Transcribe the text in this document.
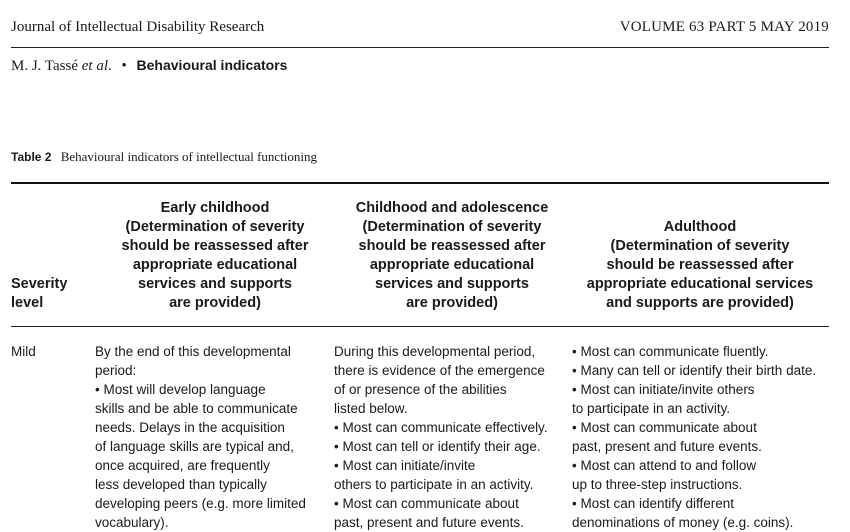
Journal of Intellectual Disability Research	VOLUME 63 PART 5 MAY 2019
M. J. Tassé et al. • Behavioural indicators
Table 2 Behavioural indicators of intellectual functioning
Severity
level
Early childhood
(Determination of severity
should be reassessed after
appropriate educational
services and supports
are provided)
Childhood and adolescence
(Determination of severity
should be reassessed after
appropriate educational
services and supports
are provided)
Adulthood
(Determination of severity
should be reassessed after
appropriate educational services
and supports are provided)
Mild	By the end of this developmental
period:
• Most will develop language
skills and be able to communicate
needs. Delays in the acquisition
of language skills are typical and,
once acquired, are frequently
less developed than typically
developing peers (e.g. more limited
vocabulary).
During this developmental period,
there is evidence of the emergence
of or presence of the abilities
listed below.
• Most can communicate effectively.
• Most can tell or identify their age.
• Most can initiate/invite
others to participate in an activity.
• Most can communicate about
past, present and future events.
• Most can communicate fluently.
• Many can tell or identify their birth date.
• Most can initiate/invite others
to participate in an activity.
• Most can communicate about
past, present and future events.
• Most can attend to and follow
up to three-step instructions.
• Most can identify different
denominations of money (e.g. coins).
